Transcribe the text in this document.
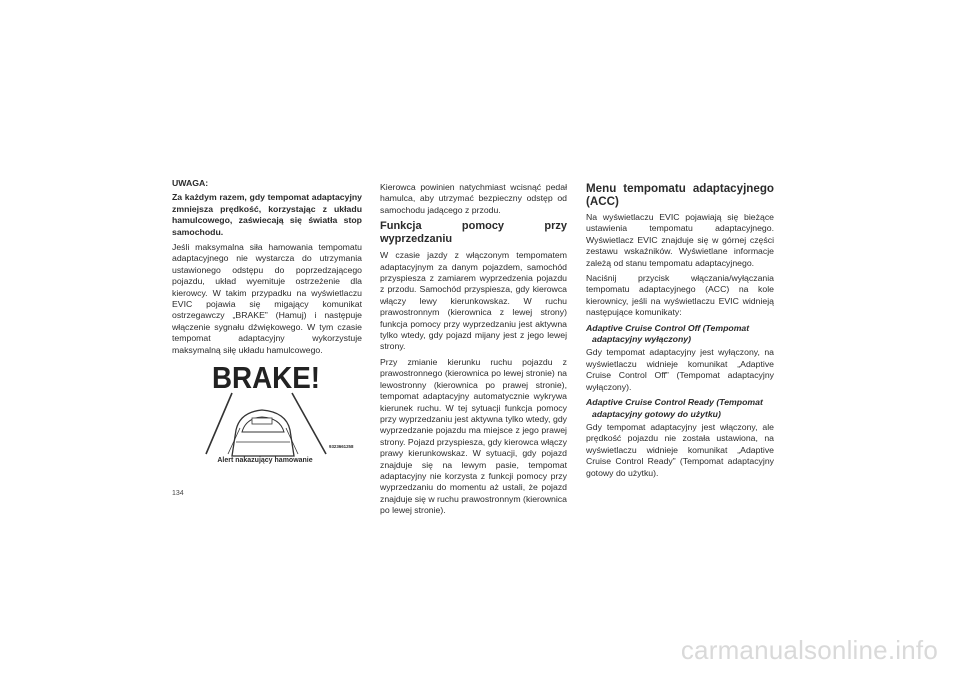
UWAGA:

Za każdym razem, gdy tempomat adaptacyjny zmniejsza prędkość, korzystając z układu hamulcowego, zaświecają się światła stop samochodu.

Jeśli maksymalna siła hamowania tempomatu adaptacyjnego nie wystarcza do utrzymania ustawionego odstępu do poprzedzającego pojazdu, układ wyemituje ostrzeżenie dla kierowcy. W takim przypadku na wyświetlaczu EVIC pojawia się migający komunikat ostrzegawczy „BRAKE” (Hamuj) i następuje włączenie sygnału dźwiękowego. W tym czasie tempomat adaptacyjny wykorzystuje maksymalną siłę układu hamulcowego.

BRAKE!
9323661258
Alert nakazujący hamowanie

Kierowca powinien natychmiast wcisnąć pedał hamulca, aby utrzymać bezpieczny odstęp od samochodu jadącego z przodu.

Funkcja pomocy przy wyprzedzaniu

W czasie jazdy z włączonym tempomatem adaptacyjnym za danym pojazdem, samochód przyspiesza z zamiarem wyprzedzenia pojazdu z przodu. Samochód przyspiesza, gdy kierowca włączy lewy kierunkowskaz. W ruchu prawostronnym (kierownica z lewej strony) funkcja pomocy przy wyprzedzaniu jest aktywna tylko wtedy, gdy pojazd mijany jest z jego lewej strony.

Przy zmianie kierunku ruchu pojazdu z prawostronnego (kierownica po lewej stronie) na lewostronny (kierownica po prawej stronie), tempomat adaptacyjny automatycznie wykrywa kierunek ruchu. W tej sytuacji funkcja pomocy przy wyprzedzaniu jest aktywna tylko wtedy, gdy wyprzedzanie pojazdu ma miejsce z jego prawej strony. Pojazd przyspiesza, gdy kierowca włączy prawy kierunkowskaz. W sytuacji, gdy pojazd znajduje się na lewym pasie, tempomat adaptacyjny nie korzysta z funkcji pomocy przy wyprzedzaniu do momentu aż ustali, że pojazd znajduje się w ruchu prawostronnym (kierownica po lewej stronie).

Menu tempomatu adaptacyjnego (ACC)

Na wyświetlaczu EVIC pojawiają się bieżące ustawienia tempomatu adaptacyjnego. Wyświetlacz EVIC znajduje się w górnej części zestawu wskaźników. Wyświetlane informacje zależą od stanu tempomatu adaptacyjnego.

Naciśnij przycisk włączania/wyłączania tempomatu adaptacyjnego (ACC) na kole kierownicy, jeśli na wyświetlaczu EVIC widnieją następujące komunikaty:

Adaptive Cruise Control Off (Tempomat
adaptacyjny wyłączony)

Gdy tempomat adaptacyjny jest wyłączony, na wyświetlaczu widnieje komunikat „Adaptive Cruise Control Off” (Tempomat adaptacyjny wyłączony).

Adaptive Cruise Control Ready (Tempomat
adaptacyjny gotowy do użytku)

Gdy tempomat adaptacyjny jest włączony, ale prędkość pojazdu nie została ustawiona, na wyświetlaczu widnieje komunikat „Adaptive Cruise Control Ready” (Tempomat adaptacyjny gotowy do użytku).

134
carmanualsonline.info
